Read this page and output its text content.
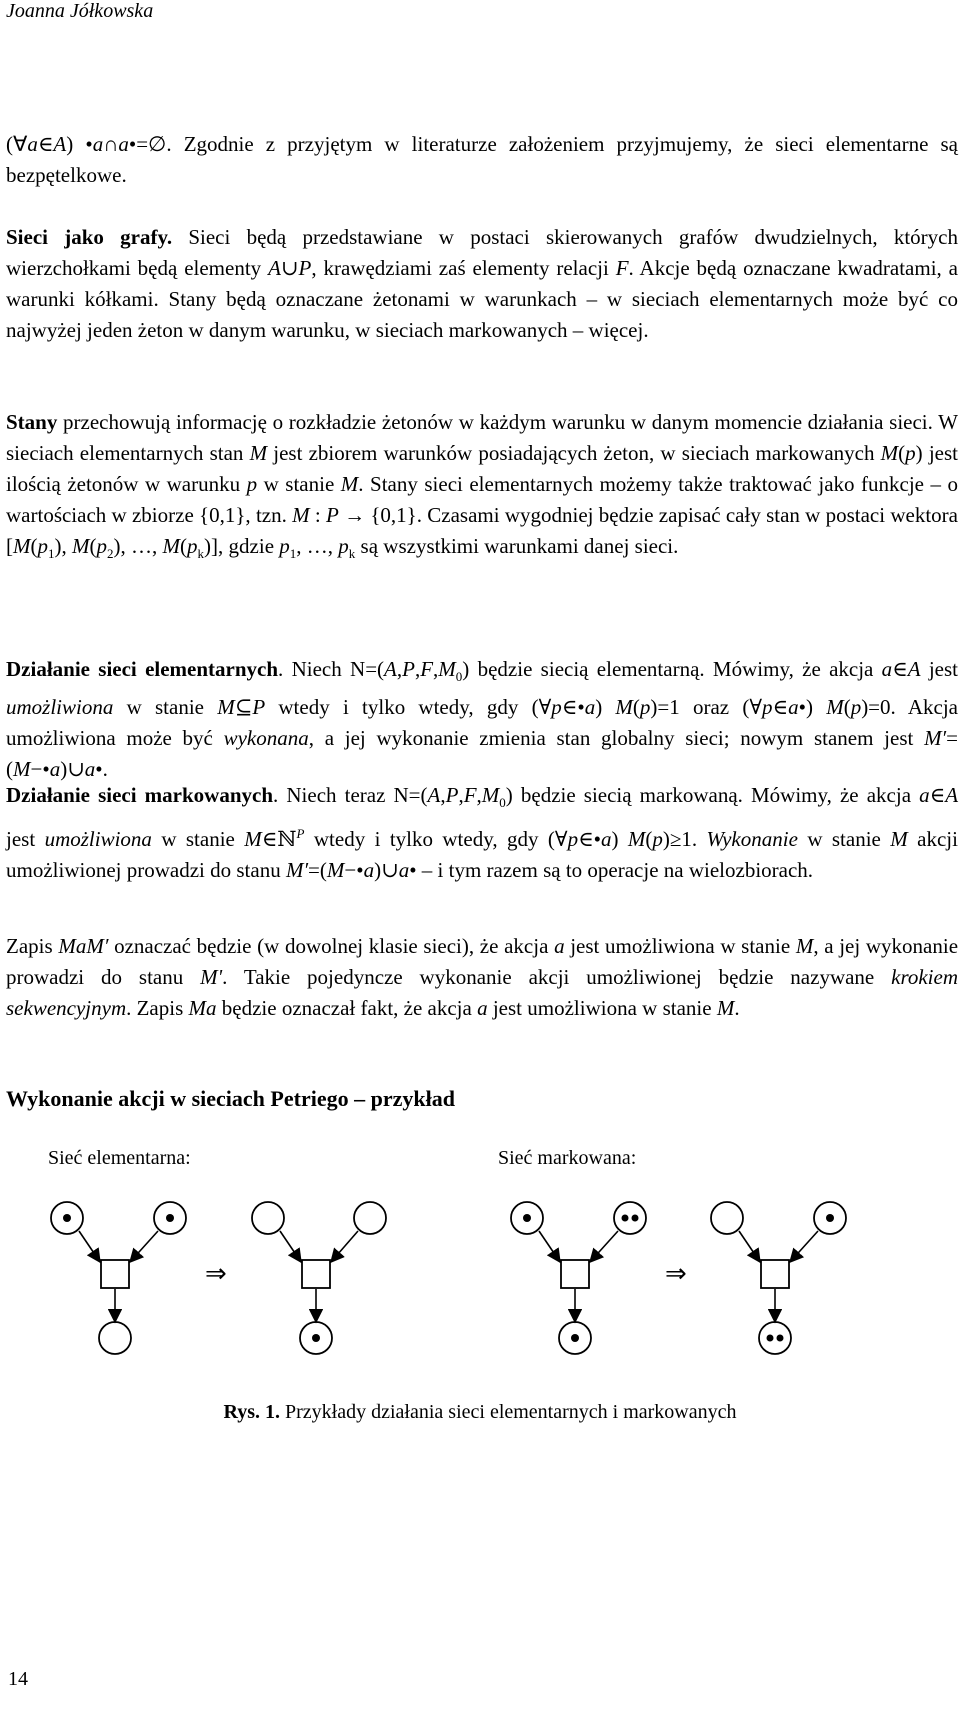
Joanna Jółkowska

(∀a∈A) •a∩a•=∅. Zgodnie z przyjętym w literaturze założeniem przyjmujemy, że sieci elementarne są bezpętelkowe.

Sieci jako grafy. Sieci będą przedstawiane w postaci skierowanych grafów dwudzielnych, których wierzchołkami będą elementy A∪P, krawędziami zaś elementy relacji F. Akcje będą oznaczane kwadratami, a warunki kółkami. Stany będą oznaczane żetonami w warunkach – w sieciach elementarnych może być co najwyżej jeden żeton w danym warunku, w sieciach markowanych – więcej.

Stany przechowują informację o rozkładzie żetonów w każdym warunku w danym momencie działania sieci. W sieciach elementarnych stan M jest zbiorem warunków posiadających żeton, w sieciach markowanych M(p) jest ilością żetonów w warunku p w stanie M. Stany sieci elementarnych możemy także traktować jako funkcje – o wartościach w zbiorze {0,1}, tzn. M : P → {0,1}. Czasami wygodniej będzie zapisać cały stan w postaci wektora [$M(p_1)$, $M(p_2)$, …, $M(p_k)$], gdzie $p_1$, …, $p_k$ są wszystkimi warunkami danej sieci.

Działanie sieci elementarnych. Niech $N=(A,P,F,M_0)$ będzie siecią elementarną. Mówimy, że akcja a∈A jest umożliwiona w stanie M⊆P wtedy i tylko wtedy, gdy (∀p∈•a) M(p)=1 oraz (∀p∈a•) M(p)=0. Akcja umożliwiona może być wykonana, a jej wykonanie zmienia stan globalny sieci; nowym stanem jest M′=(M−•a)∪a•.

Działanie sieci markowanych. Niech teraz $N=(A,P,F,M_0)$ będzie siecią markowaną. Mówimy, że akcja a∈A jest umożliwiona w stanie M∈ℕ$^P$ wtedy i tylko wtedy, gdy (∀p∈•a) M(p)≥1. Wykonanie w stanie M akcji umożliwionej prowadzi do stanu M′=(M−•a)∪a• – i tym razem są to operacje na wielozbiorach.

Zapis MaM′ oznaczać będzie (w dowolnej klasie sieci), że akcja a jest umożliwiona w stanie M, a jej wykonanie prowadzi do stanu M'. Takie pojedyncze wykonanie akcji umożliwionej będzie nazywane krokiem sekwencyjnym. Zapis Ma będzie oznaczał fakt, że akcja a jest umożliwiona w stanie M.

Wykonanie akcji w sieciach Petriego – przykład
Sieć elementarna:	Sieć markowana:
⇒	⇒
Rys. 1. Przykłady działania sieci elementarnych i markowanych
14
